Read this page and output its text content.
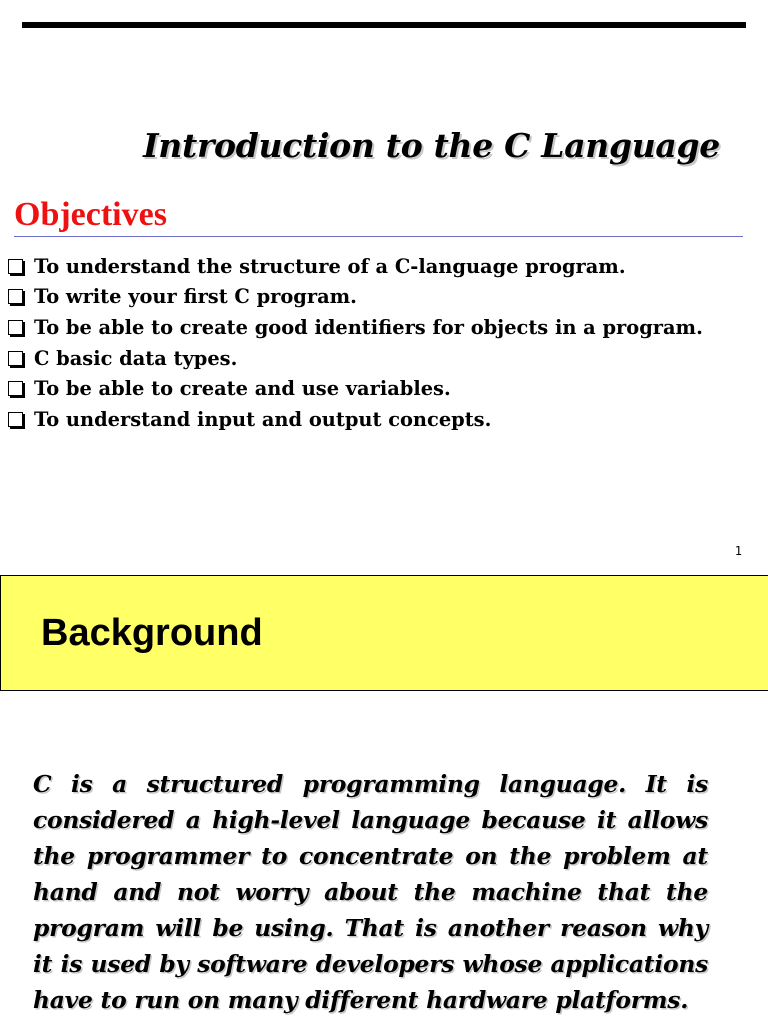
Introduction to the C Language
Objectives
To understand the structure of a C-language program.
To write your first C program.
To be able to create good identifiers for objects in a program.
C basic data types.
To be able to create and use variables.
To understand input and output concepts.
1
Background

C is a structured programming language. It is considered a high-level language because it allows the programmer to concentrate on the problem at hand and not worry about the machine that the program will be using. That is another reason why it is used by software developers whose applications have to run on many different hardware platforms.
